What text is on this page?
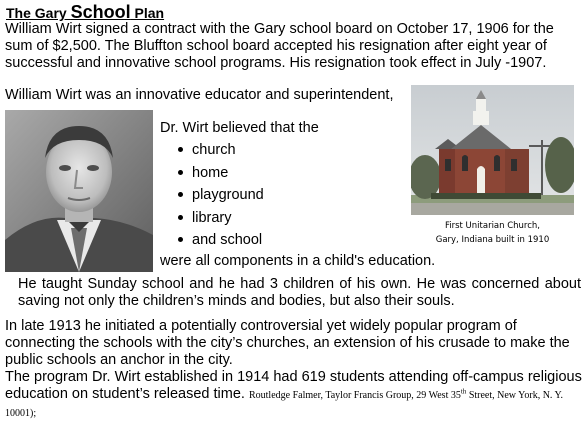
The Gary School Plan

William Wirt signed a contract with the Gary school board on October 17, 1906 for the sum of $2,500. The Bluffton school board accepted his resignation after eight year of successful and innovative school programs. His resignation took effect in July -1907.

William Wirt was an innovative educator and superintendent,

Dr. Wirt believed that the
church
home
playground
library
and school
were all components in a child's education.
First Unitarian Church,
Gary, Indiana built in 1910

He taught Sunday school and he had 3 children of his own. He was concerned about saving not only the children’s minds and bodies, but also their souls.

In late 1913 he initiated a potentially controversial yet widely popular program of connecting the schools with the city’s churches, an extension of his crusade to make the public schools an anchor in the city.

The program Dr. Wirt established in 1914 had 619 students attending off-campus religious education on student’s released time. Routledge Falmer, Taylor Francis Group, 29 West 35th Street, New York, N. Y. 10001);
